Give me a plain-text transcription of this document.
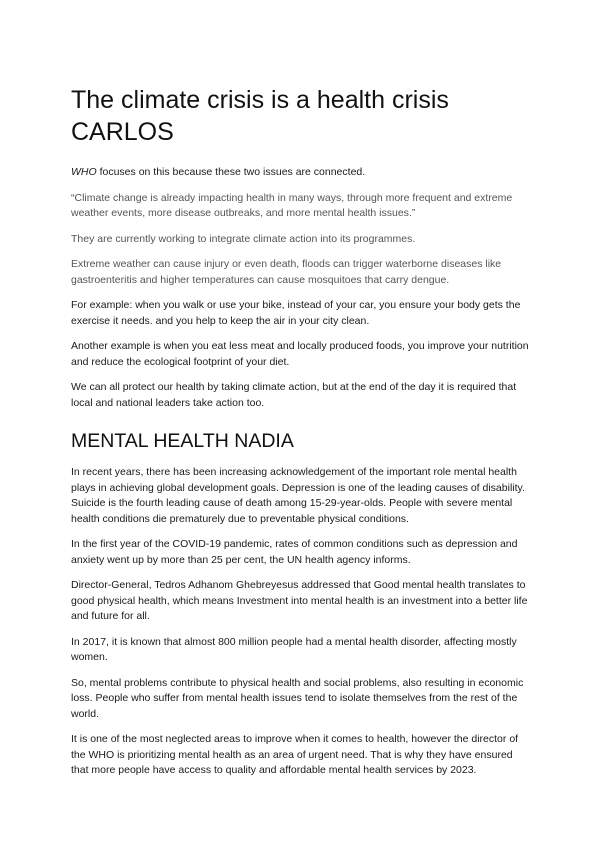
The climate crisis is a health crisis
CARLOS

WHO focuses on this because these two issues are connected.

“Climate change is already impacting health in many ways, through more frequent and extreme weather events, more disease outbreaks, and more mental health issues.”

They are currently working to integrate climate action into its programmes.

Extreme weather can cause injury or even death, floods can trigger waterborne diseases like gastroenteritis and higher temperatures can cause mosquitoes that carry dengue.

For example: when you walk or use your bike, instead of your car, you ensure your body gets the exercise it needs. and you help to keep the air in your city clean.

Another example is when you eat less meat and locally produced foods, you improve your nutrition and reduce the ecological footprint of your diet.

We can all protect our health by taking climate action, but at the end of the day it is required that local and national leaders take action too.

MENTAL HEALTH NADIA

In recent years, there has been increasing acknowledgement of the important role mental health plays in achieving global development goals. Depression is one of the leading causes of disability. Suicide is the fourth leading cause of death among 15-29-year-olds. People with severe mental health conditions die prematurely due to preventable physical conditions.

In the first year of the COVID-19 pandemic, rates of common conditions such as depression and anxiety went up by more than 25 per cent, the UN health agency informs.

Director-General, Tedros Adhanom Ghebreyesus addressed that Good mental health translates to good physical health, which means Investment into mental health is an investment into a better life and future for all.

In 2017, it is known that almost 800 million people had a mental health disorder, affecting mostly women.

So, mental problems contribute to physical health and social problems, also resulting in economic loss. People who suffer from mental health issues tend to isolate themselves from the rest of the world.

It is one of the most neglected areas to improve when it comes to health, however the director of the WHO is prioritizing mental health as an area of urgent need. That is why they have ensured that more people have access to quality and affordable mental health services by 2023.
